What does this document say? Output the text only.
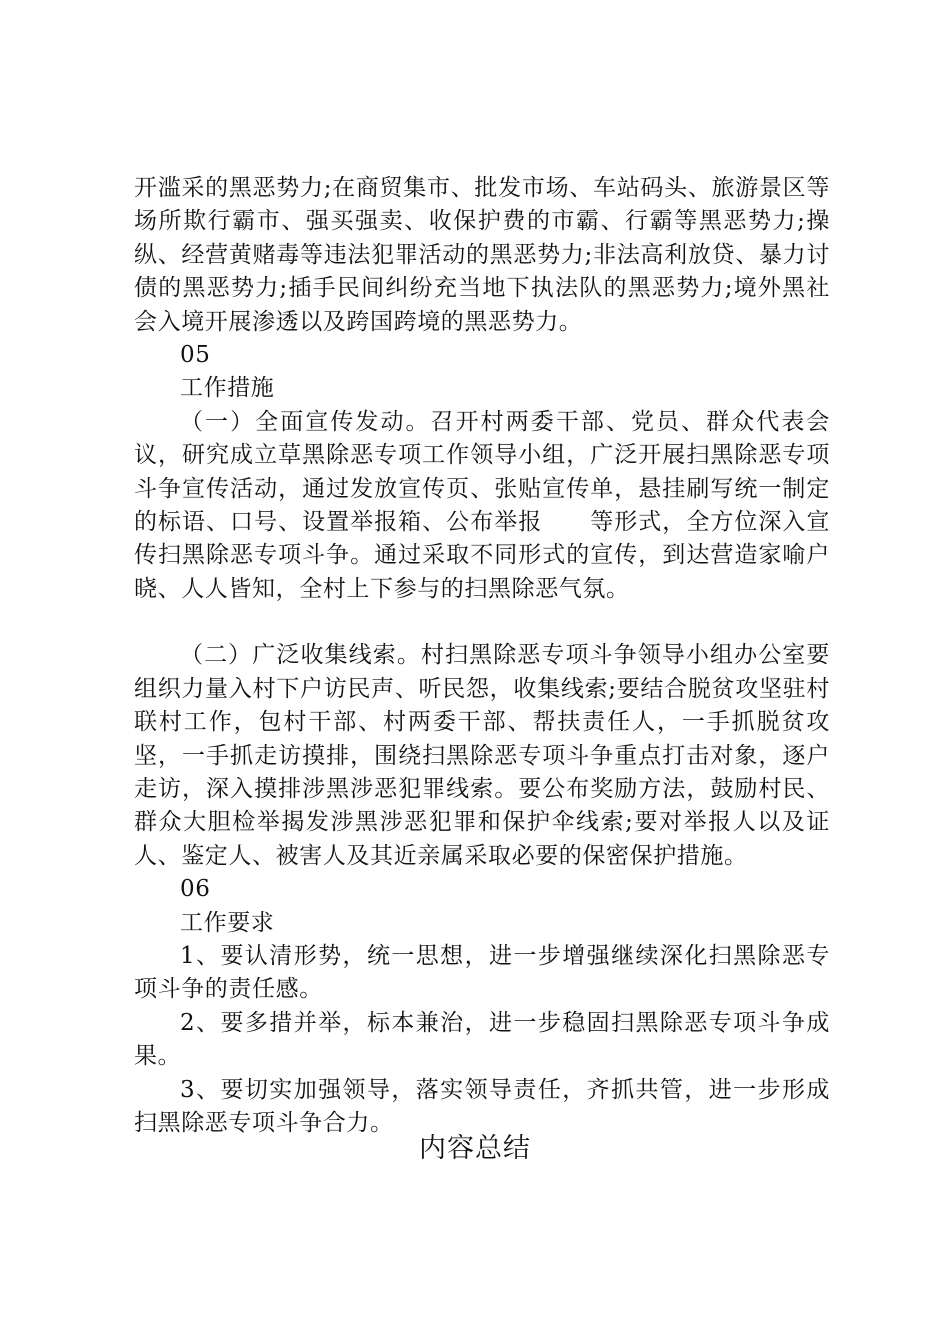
开滥采的黑恶势力;在商贸集市、批发市场、车站码头、旅游景区等场所欺行霸市、强买强卖、收保护费的市霸、行霸等黑恶势力;操纵、经营黄赌毒等违法犯罪活动的黑恶势力;非法高利放贷、暴力讨债的黑恶势力;插手民间纠纷充当地下执法队的黑恶势力;境外黑社会入境开展渗透以及跨国跨境的黑恶势力。

05

工作措施

（一）全面宣传发动。召开村两委干部、党员、群众代表会议，研究成立草黑除恶专项工作领导小组，广泛开展扫黑除恶专项斗争宣传活动，通过发放宣传页、张贴宣传单，悬挂刷写统一制定的标语、口号、设置举报箱、公布举报　　等形式，全方位深入宣传扫黑除恶专项斗争。通过采取不同形式的宣传，到达营造家喻户晓、人人皆知，全村上下参与的扫黑除恶气氛。

（二）广泛收集线索。村扫黑除恶专项斗争领导小组办公室要组织力量入村下户访民声、听民怨，收集线索;要结合脱贫攻坚驻村联村工作，包村干部、村两委干部、帮扶责任人，一手抓脱贫攻坚，一手抓走访摸排，围绕扫黑除恶专项斗争重点打击对象，逐户走访，深入摸排涉黑涉恶犯罪线索。要公布奖励方法，鼓励村民、群众大胆检举揭发涉黑涉恶犯罪和保护伞线索;要对举报人以及证人、鉴定人、被害人及其近亲属采取必要的保密保护措施。

06

工作要求

1、要认清形势，统一思想，进一步增强继续深化扫黑除恶专项斗争的责任感。

2、要多措并举，标本兼治，进一步稳固扫黑除恶专项斗争成果。

3、要切实加强领导，落实领导责任，齐抓共管，进一步形成扫黑除恶专项斗争合力。

内容总结
